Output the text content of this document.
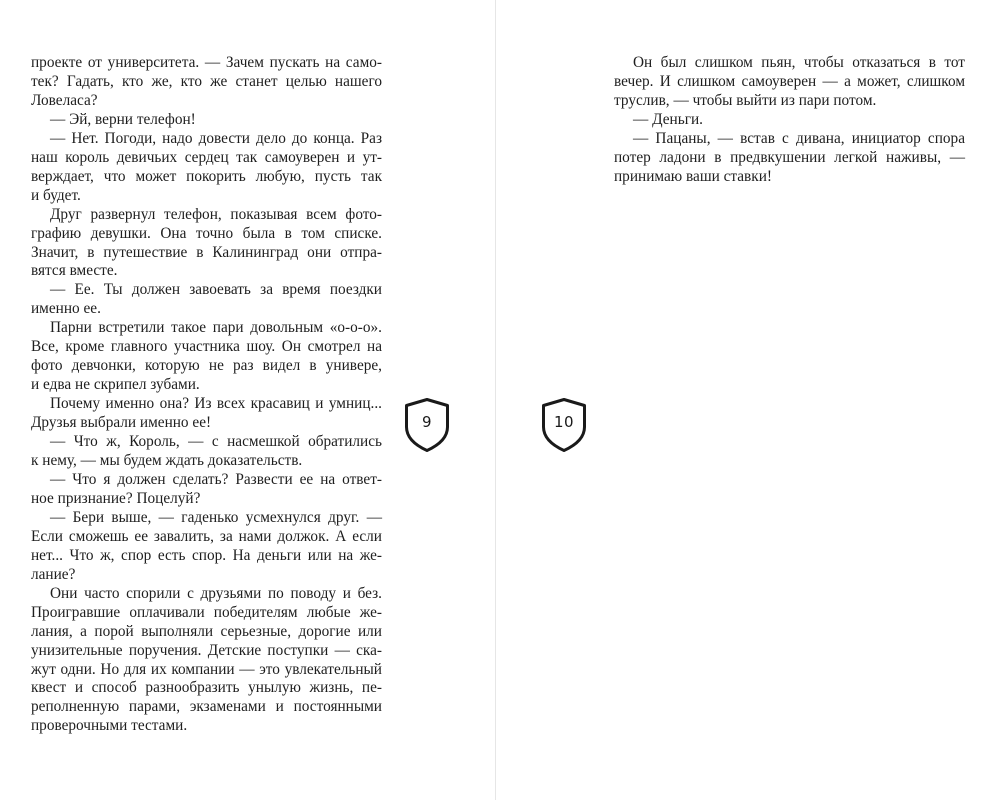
проекте от университета. — Зачем пускать на само-
тек? Гадать, кто же, кто же станет целью нашего
Ловеласа?
— Эй, верни телефон!
— Нет. Погоди, надо довести дело до конца. Раз
наш король девичьих сердец так самоуверен и ут-
верждает, что может покорить любую, пусть так
и будет.
Друг развернул телефон, показывая всем фото-
графию девушки. Она точно была в том списке.
Значит, в путешествие в Калининград они отпра-
вятся вместе.
— Ее. Ты должен завоевать за время поездки
именно ее.
Парни встретили такое пари довольным «о-о-о».
Все, кроме главного участника шоу. Он смотрел на
фото девчонки, которую не раз видел в универе,
и едва не скрипел зубами.
Почему именно она? Из всех красавиц и умниц...
Друзья выбрали именно ее!
— Что ж, Король, — с насмешкой обратились
к нему, — мы будем ждать доказательств.
— Что я должен сделать? Развести ее на ответ-
ное признание? Поцелуй?
— Бери выше, — гаденько усмехнулся друг. —
Если сможешь ее завалить, за нами должок. А если
нет... Что ж, спор есть спор. На деньги или на же-
лание?
Они часто спорили с друзьями по поводу и без.
Проигравшие оплачивали победителям любые же-
лания, а порой выполняли серьезные, дорогие или
унизительные поручения. Детские поступки — ска-
жут одни. Но для их компании — это увлекательный
квест и способ разнообразить унылую жизнь, пе-
реполненную парами, экзаменами и постоянными
проверочными тестами.
9	10
Он был слишком пьян, чтобы отказаться в тот
вечер. И слишком самоуверен — а может, слишком
труслив, — чтобы выйти из пари потом.
— Деньги.
— Пацаны, — встав с дивана, инициатор спора
потер ладони в предвкушении легкой наживы, —
принимаю ваши ставки!
